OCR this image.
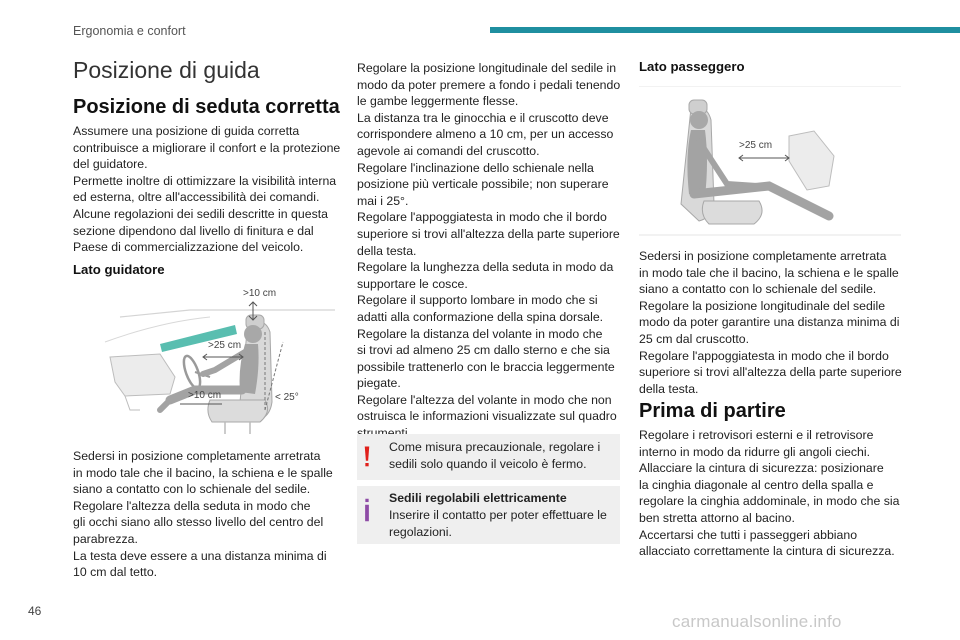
Ergonomia e confort
Posizione di guida
Posizione di seduta corretta
Assumere una posizione di guida corretta
contribuisce a migliorare il confort e la protezione
del guidatore.
Permette inoltre di ottimizzare la visibilità interna
ed esterna, oltre all'accessibilità dei comandi.
Alcune regolazioni dei sedili descritte in questa
sezione dipendono dal livello di finitura e dal
Paese di commercializzazione del veicolo.
Lato guidatore
>10 cm
>25 cm
>10 cm	< 25°
Sedersi in posizione completamente arretrata
in modo tale che il bacino, la schiena e le spalle
siano a contatto con lo schienale del sedile.
Regolare l'altezza della seduta in modo che
gli occhi siano allo stesso livello del centro del
parabrezza.
La testa deve essere a una distanza minima di
10 cm dal tetto.
Regolare la posizione longitudinale del sedile in
modo da poter premere a fondo i pedali tenendo
le gambe leggermente flesse.
La distanza tra le ginocchia e il cruscotto deve
corrispondere almeno a 10 cm, per un accesso
agevole ai comandi del cruscotto.
Regolare l'inclinazione dello schienale nella
posizione più verticale possibile; non superare
mai i 25°.
Regolare l'appoggiatesta in modo che il bordo
superiore si trovi all'altezza della parte superiore
della testa.
Regolare la lunghezza della seduta in modo da
supportare le cosce.
Regolare il supporto lombare in modo che si
adatti alla conformazione della spina dorsale.
Regolare la distanza del volante in modo che
si trovi ad almeno 25 cm dallo sterno e che sia
possibile trattenerlo con le braccia leggermente
piegate.
Regolare l'altezza del volante in modo che non
ostruisca le informazioni visualizzate sul quadro

Come misura precauzionale, regolare i
sedili solo quando il veicolo è fermo.
Sedili regolabili elettricamente
Inserire il contatto per poter effettuare le
regolazioni.
Lato passeggero
>25 cm
Sedersi in posizione completamente arretrata
in modo tale che il bacino, la schiena e le spalle
siano a contatto con lo schienale del sedile.
Regolare la posizione longitudinale del sedile
modo da poter garantire una distanza minima di
25 cm dal cruscotto.
Regolare l'appoggiatesta in modo che il bordo
superiore si trovi all'altezza della parte superiore
della testa.
Prima di partire
Regolare i retrovisori esterni e il retrovisore
interno in modo da ridurre gli angoli ciechi.
Allacciare la cintura di sicurezza: posizionare
la cinghia diagonale al centro della spalla e
regolare la cinghia addominale, in modo che sia
ben stretta attorno al bacino.
Accertarsi che tutti i passeggeri abbiano
allacciato correttamente la cintura di sicurezza.
46
carmanualsonline.info
